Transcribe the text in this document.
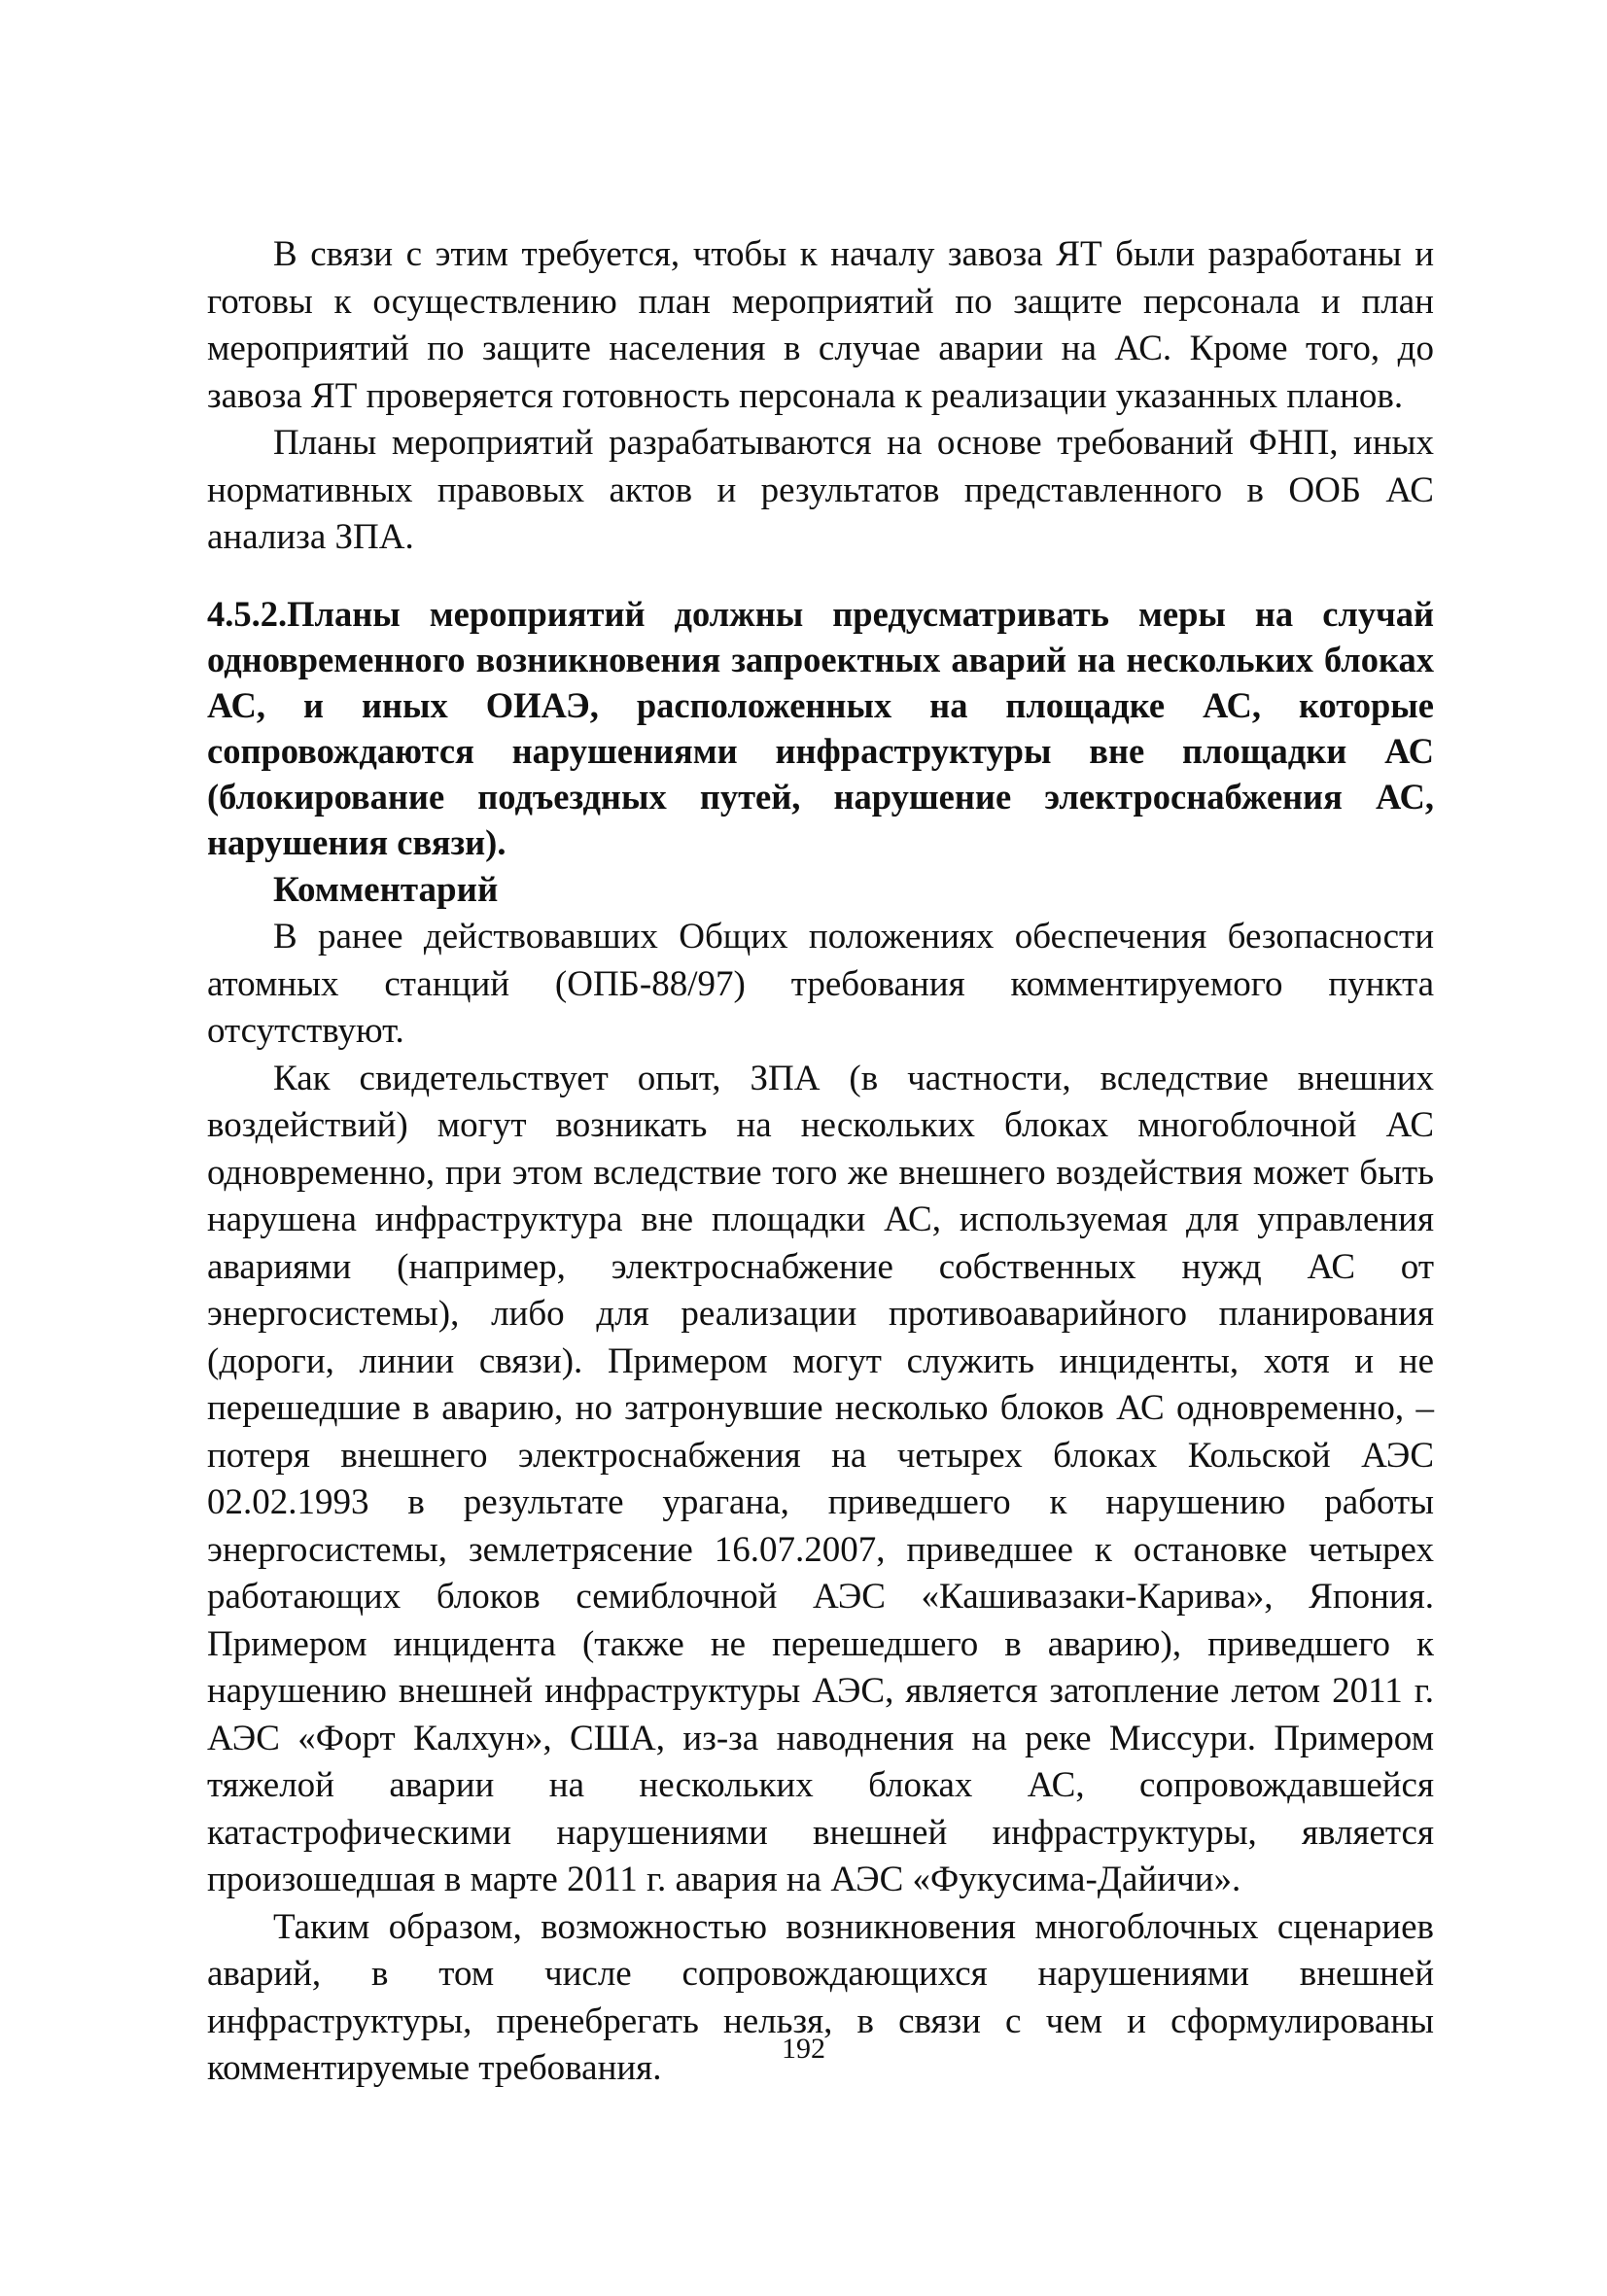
В связи с этим требуется, чтобы к началу завоза ЯТ были разработаны и готовы к осуществлению план мероприятий по защите персонала и план мероприятий по защите населения в случае аварии на АС. Кроме того, до завоза ЯТ проверяется готовность персонала к реализации указанных планов.

Планы мероприятий разрабатываются на основе требований ФНП, иных нормативных правовых актов и результатов представленного в ООБ АС анализа ЗПА.

4.5.2.Планы мероприятий должны предусматривать меры на случай одновременного возникновения запроектных аварий на нескольких блоках АС, и иных ОИАЭ, расположенных на площадке АС, которые сопровождаются нарушениями инфраструктуры вне площадки АС (блокирование подъездных путей, нарушение электроснабжения АС, нарушения связи).

Комментарий

В ранее действовавших Общих положениях обеспечения безопасности атомных станций (ОПБ-88/97) требования комментируемого пункта отсутствуют.

Как свидетельствует опыт, ЗПА (в частности, вследствие внешних воздействий) могут возникать на нескольких блоках многоблочной АС одновременно, при этом вследствие того же внешнего воздействия может быть нарушена инфраструктура вне площадки АС, используемая для управления авариями (например, электроснабжение собственных нужд АС от энергосистемы), либо для реализации противоаварийного планирования (дороги, линии связи). Примером могут служить инциденты, хотя и не перешедшие в аварию, но затронувшие несколько блоков АС одновременно, – потеря внешнего электроснабжения на четырех блоках Кольской АЭС 02.02.1993 в результате урагана, приведшего к нарушению работы энергосистемы, землетрясение 16.07.2007, приведшее к остановке четырех работающих блоков семиблочной АЭС «Кашивазаки-Карива», Япония. Примером инцидента (также не перешедшего в аварию), приведшего к нарушению внешней инфраструктуры АЭС, является затопление летом 2011 г. АЭС «Форт Калхун», США, из-за наводнения на реке Миссури. Примером тяжелой аварии на нескольких блоках АС, сопровождавшейся катастрофическими нарушениями внешней инфраструктуры, является произошедшая в марте 2011 г. авария на АЭС «Фукусима-Дайичи».

Таким образом, возможностью возникновения многоблочных сценариев аварий, в том числе сопровождающихся нарушениями внешней инфраструктуры, пренебрегать нельзя, в связи с чем и сформулированы комментируемые требования.	192
